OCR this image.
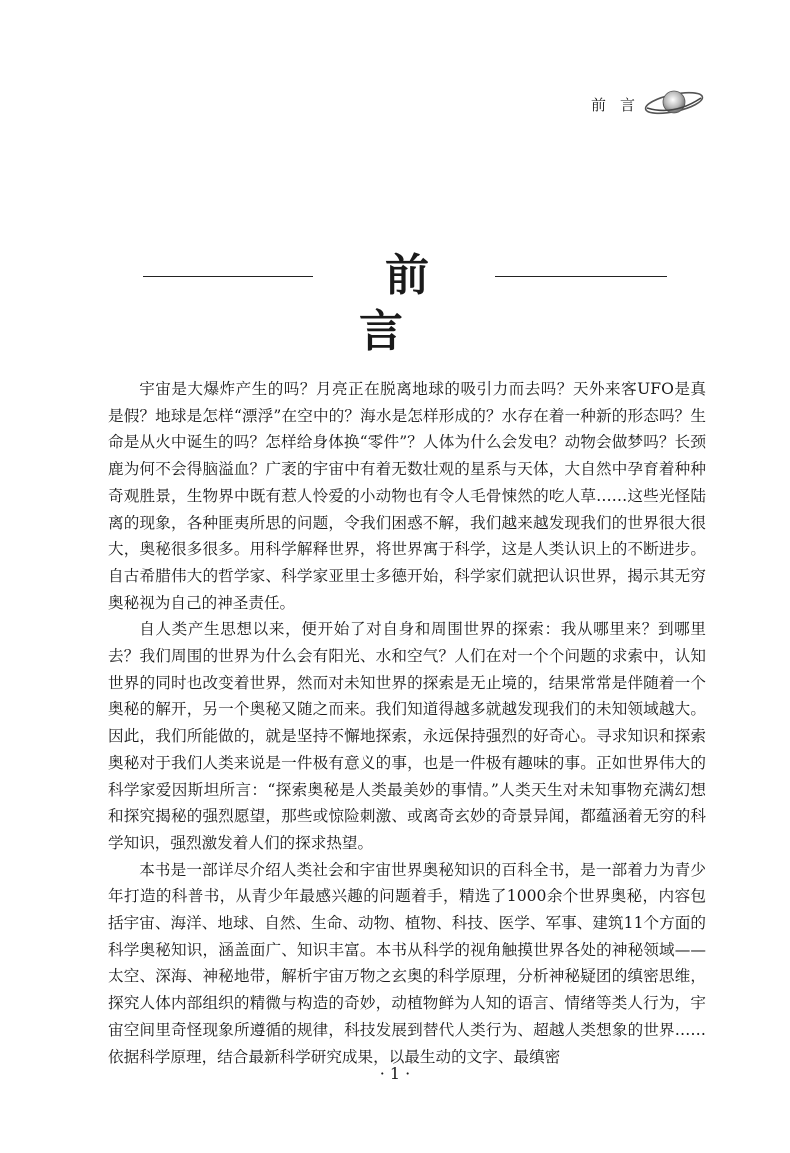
前言
前言

宇宙是大爆炸产生的吗？月亮正在脱离地球的吸引力而去吗？天外来客UFO是真是假？地球是怎样“漂浮”在空中的？海水是怎样形成的？水存在着一种新的形态吗？生命是从火中诞生的吗？怎样给身体换“零件”？人体为什么会发电？动物会做梦吗？长颈鹿为何不会得脑溢血？广袤的宇宙中有着无数壮观的星系与天体，大自然中孕育着种种奇观胜景，生物界中既有惹人怜爱的小动物也有令人毛骨悚然的吃人草……这些光怪陆离的现象，各种匪夷所思的问题，令我们困惑不解，我们越来越发现我们的世界很大很大，奥秘很多很多。用科学解释世界，将世界寓于科学，这是人类认识上的不断进步。自古希腊伟大的哲学家、科学家亚里士多德开始，科学家们就把认识世界，揭示其无穷奥秘视为自己的神圣责任。

自人类产生思想以来，便开始了对自身和周围世界的探索：我从哪里来？到哪里去？我们周围的世界为什么会有阳光、水和空气？人们在对一个个问题的求索中，认知世界的同时也改变着世界，然而对未知世界的探索是无止境的，结果常常是伴随着一个奥秘的解开，另一个奥秘又随之而来。我们知道得越多就越发现我们的未知领域越大。因此，我们所能做的，就是坚持不懈地探索，永远保持强烈的好奇心。寻求知识和探索奥秘对于我们人类来说是一件极有意义的事，也是一件极有趣味的事。正如世界伟大的科学家爱因斯坦所言：“探索奥秘是人类最美妙的事情。”人类天生对未知事物充满幻想和探究揭秘的强烈愿望，那些或惊险刺激、或离奇玄妙的奇景异闻，都蕴涵着无穷的科学知识，强烈激发着人们的探求热望。

本书是一部详尽介绍人类社会和宇宙世界奥秘知识的百科全书，是一部着力为青少年打造的科普书，从青少年最感兴趣的问题着手，精选了1000余个世界奥秘，内容包括宇宙、海洋、地球、自然、生命、动物、植物、科技、医学、军事、建筑11个方面的科学奥秘知识，涵盖面广、知识丰富。本书从科学的视角触摸世界各处的神秘领域——太空、深海、神秘地带，解析宇宙万物之玄奥的科学原理，分析神秘疑团的缜密思维，探究人体内部组织的精微与构造的奇妙，动植物鲜为人知的语言、情绪等类人行为，宇宙空间里奇怪现象所遵循的规律，科技发展到替代人类行为、超越人类想象的世界……依据科学原理，结合最新科学研究成果，以最生动的文字、最缜密

· 1 ·
